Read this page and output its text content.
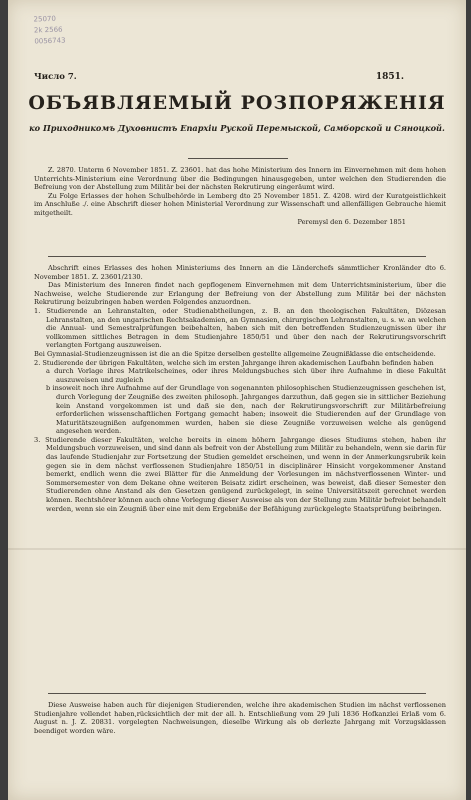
25070
2k 2566
0056743
Число 7.	1851.
ОБЪЯВЛЯЕМЫЙ РОЗПОРЯЖЕНІЯ
ко Приходникомъ Духовнистъ Епархiи Руской Перемыской, Самборской и Сяноцкой.

Z. 2870. Unterm 6 November 1851. Z. 23601. hat das hohe Ministerium des Innern im Einvernehmen mit dem hohen Unterrichts-Ministerium eine Verordnung über die Bedingungen hinausgegeben, unter welchen den Studierenden die Befreiung von der Abstellung zum Militär bei der nächsten Rekrutirung eingeräumt wird.

Zu Folge Erlasses der hohen Schulbehörde in Lemberg dto 25 November 1851. Z. 4208. wird der Kuratgeistlichkeit im Anschluße ./. eine Abschrift dieser hohen Ministerial Verordnung zur Wissenschaft und allenfälligen Gebrauche hiemit mitgetheilt.

Peremysl den 6. Dezember 1851

Abschrift eines Erlasses des hohen Ministeriums des Innern an die Länderchefs sämmtlicher Kronländer dto 6. November 1851. Z. 23601/2130.

Das Ministerium des Inneren findet nach gepflogenem Einvernehmen mit dem Unterrichtsministerium, über die Nachweise, welche Studierende zur Erlangung der Befreiung von der Abstellung zum Militär bei der nächsten Rekrutirung beizubringen haben werden Folgendes anzuordnen.

1. Studierende an Lehranstalten, oder Studienabtheilungen, z. B. an den theologischen Fakultäten, Diözesan Lehranstalten, an den ungarischen Rechtsakademien, an Gymnasien, chirurgischen Lehranstalten, u. s. w. an welchen die Annual- und Semestralprüfungen beibehalten, haben sich mit den betreffenden Studienzeugnissen über ihr vollkommen sittliches Betragen in dem Studienjahre 1850/51 und über den nach der Rekrutirungsvorschrift verlangten Fortgang auszuweisen.

Bei Gymnasial-Studienzeugnissen ist die an die Spitze derselben gestellte allgemeine Zeugnißklasse die entscheidende.

2. Studierende der übrigen Fakultäten, welche sich im ersten Jahrgange ihren akademischen Laufbahn befinden haben

a durch Vorlage ihres Matrikelscheines, oder ihres Meldungsbuches sich über ihre Aufnahme in diese Fakultät auszuweisen und zugleich

b insoweit noch ihre Aufnahme auf der Grundlage von sogenannten philosophischen Studienzeugnissen geschehen ist, durch Vorlegung der Zeugniße des zweiten philosoph. Jahrganges darzuthun, daß gegen sie in sittlicher Beziehung kein Anstand vorgekommen ist und daß sie den, nach der Rekrutirungsvorschrift zur Militärbefreiung erforderlichen wissenschaftlichen Fortgang gemacht haben; insoweit die Studierenden auf der Grundlage von Maturitätszeugnißen aufgenommen wurden, haben sie diese Zeugniße vorzuweisen welche als genügend angesehen werden.

3. Studierende dieser Fakultäten, welche bereits in einem höhern Jahrgange dieses Studiums stehen, haben ihr Meldungsbuch vorzuweisen, und sind dann als befreit von der Abstellung zum Militär zu behandeln, wenn sie darin für das laufende Studienjahr zur Fortsetzung der Studien gemeldet erscheinen, und wenn in der Anmerkungsrubrik kein gegen sie in dem nächst verflossenen Studienjahre 1850/51 in disciplinärer Hinsicht vorgekommener Anstand bemerkt, endlich wenn die zwei Blätter für die Anmeldung der Vorlesungen im nächstverflossenen Winter- und Sommersemester von dem Dekane ohne weiteren Beisatz zidirt erscheinen, was beweist, daß dieser Semester den Studierenden ohne Anstand als den Gesetzen genügend zurückgelegt, in seine Universitätszeit gerechnet werden können. Rechtshörer können auch ohne Vorlegung dieser Ausweise als von der Stellung zum Militär befreiet behandelt werden, wenn sie ein Zeugniß über eine mit dem Ergebniße der Befähigung zurückgelegte Staatsprüfung beibringen.

Diese Ausweise haben auch für diejenigen Studierenden, welche ihre akademischen Studien im nächst verflossenen Studienjahre vollendet haben,rücksichtlich der mit der all. h. Entschließung vom 29 Juli 1836 Hofkanzlei Erlaß vom 6. August n. J. Z. 20831. vorgelegten Nachweisungen, dieselbe Wirkung als ob derlezte Jahrgang mit Vorzugsklassen beendiget worden wäre.
